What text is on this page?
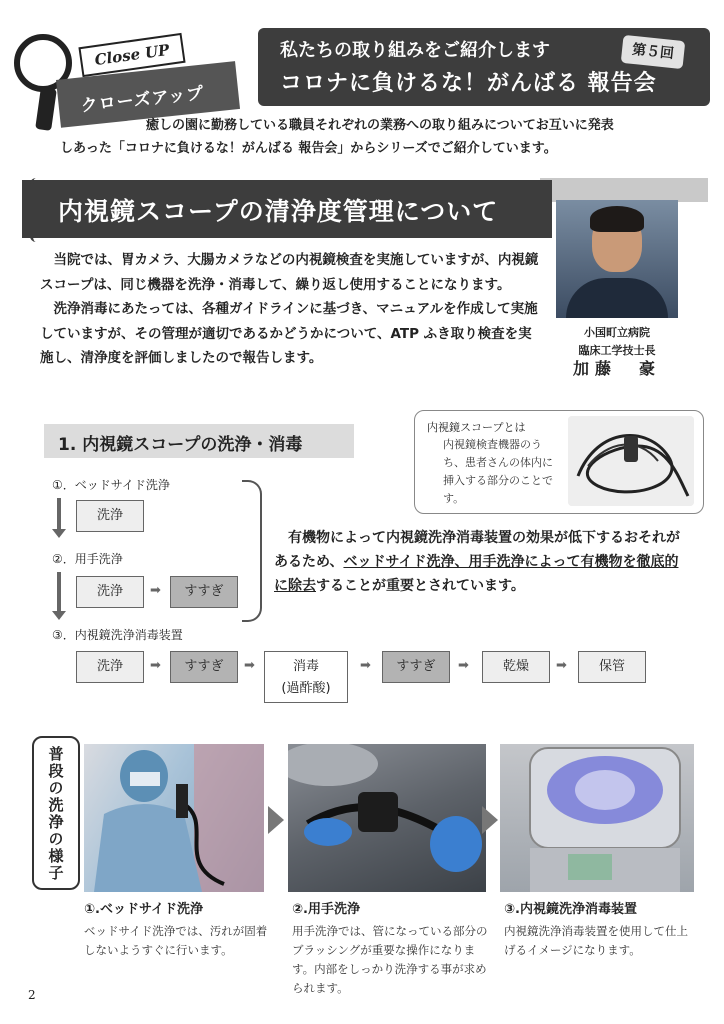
クローズアップ
Close UP	私たちの取り組みをご紹介します
コロナに負けるな！がんばる 報告会
第５回
癒しの園に勤務している職員それぞれの業務への取り組みについてお互いに発表
しあった「コロナに負けるな！がんばる 報告会」からシリーズでご紹介しています。
内視鏡スコープの清浄度管理について
小国町立病院
臨床工学技士長
加藤　豪

当院では、胃カメラ、大腸カメラなどの内視鏡検査を実施していますが、内視鏡スコープは、同じ機器を洗浄・消毒して、繰り返し使用することになります。

洗浄消毒にあたっては、各種ガイドラインに基づき、マニュアルを作成して実施していますが、その管理が適切であるかどうかについて、ATP ふき取り検査を実施し、清浄度を評価しましたので報告します。

1. 内視鏡スコープの洗浄・消毒
内視鏡スコープとは
内視鏡検査機器のうち、患者さんの体内に挿入する部分のことです。
①．ベッドサイド洗浄
洗浄
②．用手洗浄
洗浄	➡	すすぎ
有機物によって内視鏡洗浄消毒装置の効果が低下するおそれがあるため、ベッドサイド洗浄、用手洗浄によって有機物を徹底的に除去することが重要とされています。
③．内視鏡洗浄消毒装置
洗浄	➡	すすぎ	➡	消毒
(過酢酸)
➡	すすぎ	➡	乾燥	➡	保管
普段の洗浄の様子
①.ベッドサイド洗浄
ベッドサイド洗浄では、汚れが固着しないようすぐに行います。
②.用手洗浄
用手洗浄では、管になっている部分のブラッシングが重要な操作になります。内部をしっかり洗浄する事が求められます。
③.内視鏡洗浄消毒装置
内視鏡洗浄消毒装置を使用して仕上げるイメージになります。
2
